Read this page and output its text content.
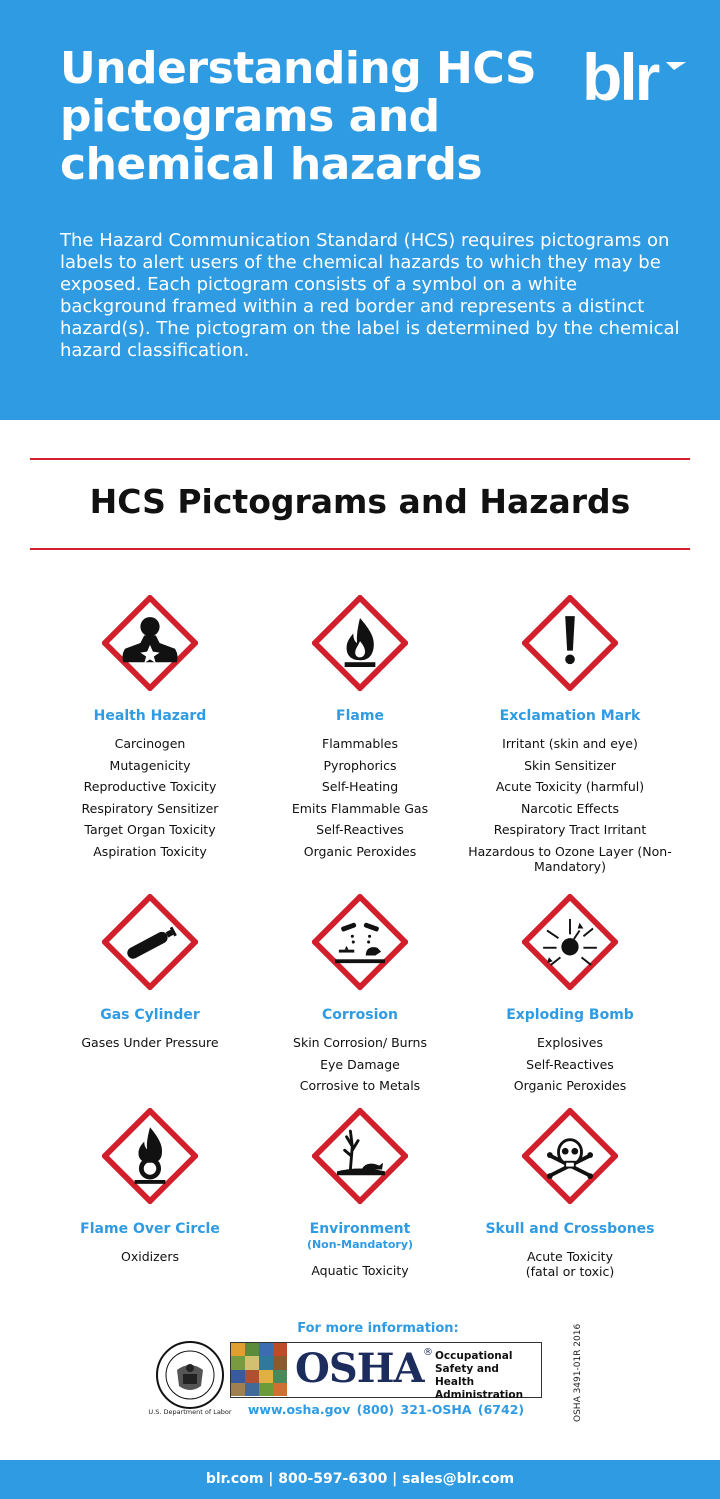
Understanding HCS pictograms and chemical hazards
blr

The Hazard Communication Standard (HCS) requires pictograms on labels to alert users of the chemical hazards to which they may be exposed. Each pictogram consists of a symbol on a white background framed within a red border and represents a distinct hazard(s). The pictogram on the label is determined by the chemical hazard classification.

HCS Pictograms and Hazards
Health Hazard
Carcinogen
Mutagenicity
Reproductive Toxicity
Respiratory Sensitizer
Target Organ Toxicity
Aspiration Toxicity
Flame
Flammables
Pyrophorics
Self-Heating
Emits Flammable Gas
Self-Reactives
Organic Peroxides
Exclamation Mark
Irritant (skin and eye)
Skin Sensitizer
Acute Toxicity (harmful)
Narcotic Effects
Respiratory Tract Irritant
Hazardous to Ozone Layer (Non-Mandatory)
Gas Cylinder
Gases Under Pressure
Corrosion
Skin Corrosion/ Burns
Eye Damage
Corrosive to Metals
Exploding Bomb
Explosives
Self-Reactives
Organic Peroxides
Flame Over Circle
Oxidizers
Environment
(Non-Mandatory)
Aquatic Toxicity
Skull and Crossbones
Acute Toxicity (fatal or toxic)
For more information:
U.S. Department of Labor
OSHA ® Occupational Safety and Health Administration
www.osha.gov (800) 321-OSHA (6742)	OSHA 3491-01R 2016
blr.com | 800-597-6300 | sales@blr.com
